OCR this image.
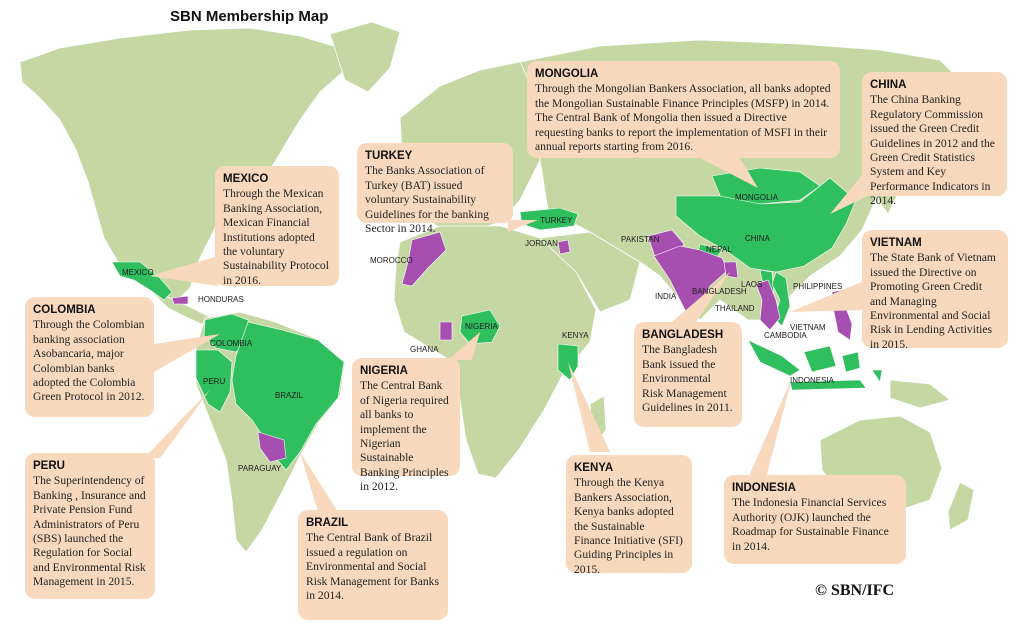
SBN Membership Map
MONGOLIA
Through the Mongolian Bankers Association, all banks adopted the Mongolian Sustainable Finance Principles (MSFP) in 2014. The Central Bank of Mongolia then issued a Directive requesting banks to report the implementation of MSFI in their annual reports starting from 2016.
CHINA
The China Banking Regulatory Commission issued the Green Credit Guidelines in 2012 and the Green Credit Statistics System and Key Performance Indicators in 2014.
TURKEY
The Banks Association of Turkey (BAT) issued voluntary Sustainability Guidelines for the banking Sector in 2014.
MEXICO
Through the Mexican Banking Association, Mexican Financial Institutions adopted the voluntary Sustainability Protocol in 2016.
VIETNAM
The State Bank of Vietnam issued the Directive on Promoting Green Credit and Managing Environmental and Social Risk in Lending Activities in 2015.
COLOMBIA
Through the Colombian banking association Asobancaria, major Colombian banks adopted the Colombia Green Protocol in 2012.
BANGLADESH
The Bangladesh Bank issued the Environmental Risk Management Guidelines in 2011.
NIGERIA
The Central Bank of Nigeria required all banks to implement the Nigerian Sustainable Banking Principles in 2012.
PERU
The Superintendency of Banking , Insurance and Private Pension Fund Administrators of Peru (SBS) launched the Regulation for Social and Environmental Risk Management in 2015.
KENYA
Through the Kenya Bankers Association, Kenya banks adopted the Sustainable Finance Initiative (SFI) Guiding Principles in 2015.
INDONESIA
The Indonesia Financial Services Authority (OJK) launched the Roadmap for Sustainable Finance in 2014.
BRAZIL
The Central Bank of Brazil issued a regulation on Environmental and Social Risk Management for Banks in 2014.
MEXICO
HONDURAS
COLOMBIA
PERU
BRAZIL
PARAGUAY
MOROCCO
GHANA
NIGERIA
TURKEY
JORDAN
KENYA
PAKISTAN
NEPAL
INDIA
BANGLADESH
MONGOLIA
CHINA
LAOS
THAILAND
PHILIPPINES
VIETNAM
CAMBODIA
INDONESIA
© SBN/IFC
